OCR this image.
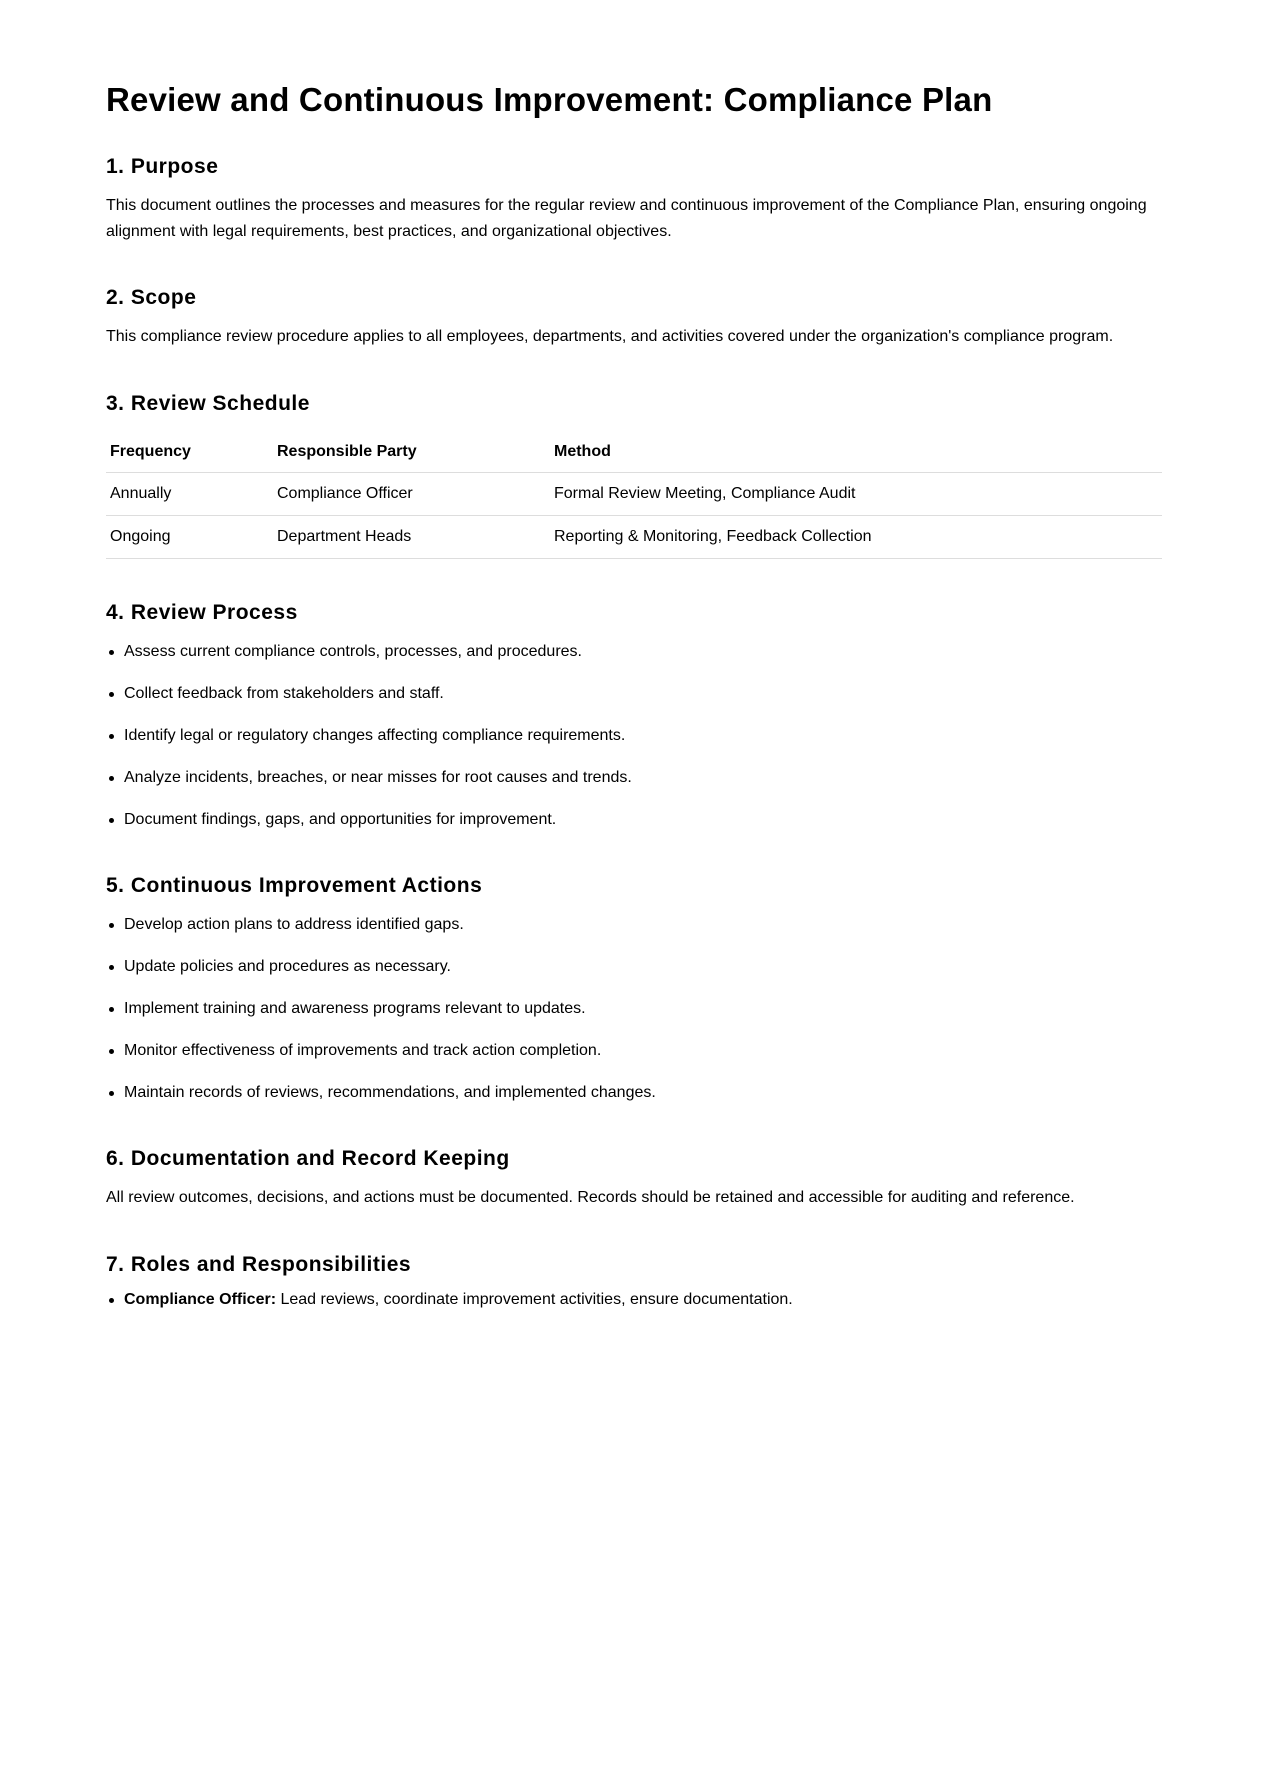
Review and Continuous Improvement: Compliance Plan
1. Purpose

This document outlines the processes and measures for the regular review and continuous improvement of the Compliance Plan, ensuring ongoing alignment with legal requirements, best practices, and organizational objectives.

2. Scope

This compliance review procedure applies to all employees, departments, and activities covered under the organization's compliance program.

3. Review Schedule
Frequency	Responsible Party	Method
Annually	Compliance Officer	Formal Review Meeting, Compliance Audit
Ongoing	Department Heads	Reporting & Monitoring, Feedback Collection
4. Review Process
Assess current compliance controls, processes, and procedures.
Collect feedback from stakeholders and staff.
Identify legal or regulatory changes affecting compliance requirements.
Analyze incidents, breaches, or near misses for root causes and trends.
Document findings, gaps, and opportunities for improvement.
5. Continuous Improvement Actions
Develop action plans to address identified gaps.
Update policies and procedures as necessary.
Implement training and awareness programs relevant to updates.
Monitor effectiveness of improvements and track action completion.
Maintain records of reviews, recommendations, and implemented changes.
6. Documentation and Record Keeping

All review outcomes, decisions, and actions must be documented. Records should be retained and accessible for auditing and reference.

7. Roles and Responsibilities
Compliance Officer: Lead reviews, coordinate improvement activities, ensure documentation.
